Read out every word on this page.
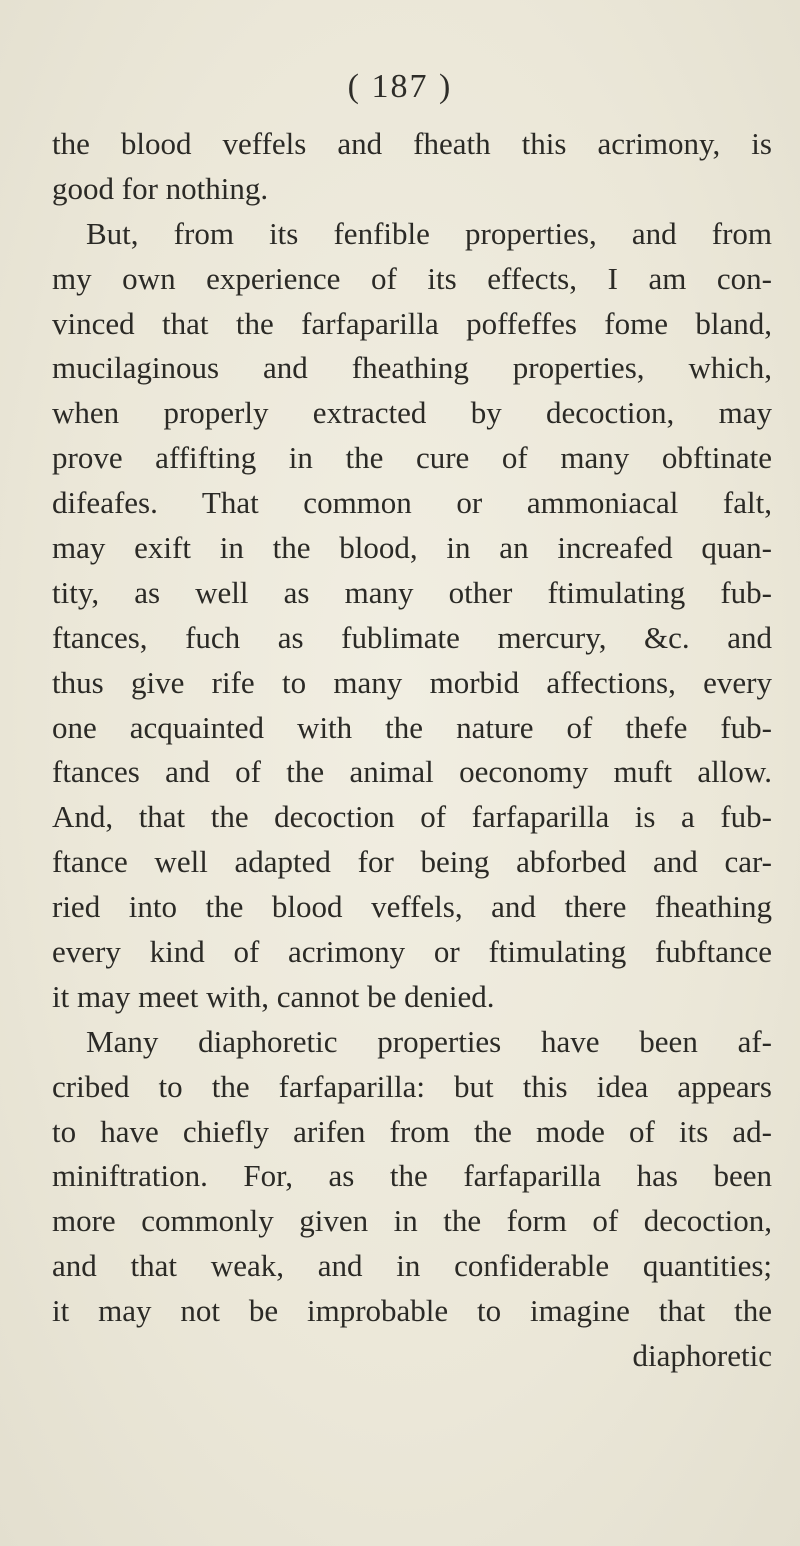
( 187 )
the blood veffels and fheath this acrimony, is
good for nothing.
But, from its fenfible properties, and from
my own experience of its effects, I am con-
vinced that the farfaparilla poffeffes fome bland,
mucilaginous and fheathing properties, which,
when properly extracted by decoction, may
prove affifting in the cure of many obftinate
difeafes. That common or ammoniacal falt,
may exift in the blood, in an increafed quan-
tity, as well as many other ftimulating fub-
ftances, fuch as fublimate mercury, &c. and
thus give rife to many morbid affections, every
one acquainted with the nature of thefe fub-
ftances and of the animal oeconomy muft allow.
And, that the decoction of farfaparilla is a fub-
ftance well adapted for being abforbed and car-
ried into the blood veffels, and there fheathing
every kind of acrimony or ftimulating fubftance
it may meet with, cannot be denied.
Many diaphoretic properties have been af-
cribed to the farfaparilla: but this idea appears
to have chiefly arifen from the mode of its ad-
miniftration. For, as the farfaparilla has been
more commonly given in the form of decoction,
and that weak, and in confiderable quantities;
it may not be improbable to imagine that the
diaphoretic
